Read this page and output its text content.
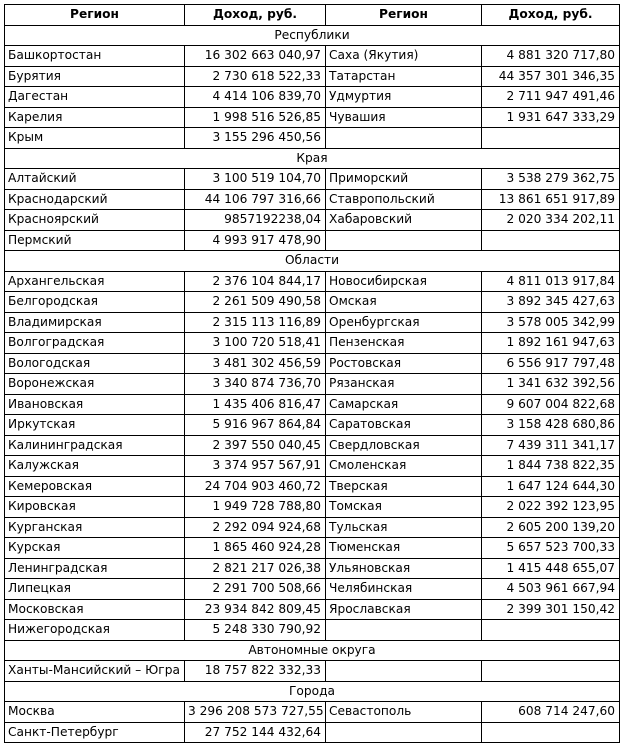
Регион	Доход, руб.	Регион	Доход, руб.
Республики			
Башкортостан	16 302 663 040,97	Саха (Якутия)	4 881 320 717,80
Бурятия	2 730 618 522,33	Татарстан	44 357 301 346,35
Дагестан	4 414 106 839,70	Удмуртия	2 711 947 491,46
Карелия	1 998 516 526,85	Чувашия	1 931 647 333,29
Крым	3 155 296 450,56		
Края			
Алтайский	3 100 519 104,70	Приморский	3 538 279 362,75
Краснодарский	44 106 797 316,66	Ставропольский	13 861 651 917,89
Красноярский	9857192238,04	Хабаровский	2 020 334 202,11
Пермский	4 993 917 478,90		
Области			
Архангельская	2 376 104 844,17	Новосибирская	4 811 013 917,84
Белгородская	2 261 509 490,58	Омская	3 892 345 427,63
Владимирская	2 315 113 116,89	Оренбургская	3 578 005 342,99
Волгоградская	3 100 720 518,41	Пензенская	1 892 161 947,63
Вологодская	3 481 302 456,59	Ростовская	6 556 917 797,48
Воронежская	3 340 874 736,70	Рязанская	1 341 632 392,56
Ивановская	1 435 406 816,47	Самарская	9 607 004 822,68
Иркутская	5 916 967 864,84	Саратовская	3 158 428 680,86
Калининградская	2 397 550 040,45	Свердловская	7 439 311 341,17
Калужская	3 374 957 567,91	Смоленская	1 844 738 822,35
Кемеровская	24 704 903 460,72	Тверская	1 647 124 644,30
Кировская	1 949 728 788,80	Томская	2 022 392 123,95
Курганская	2 292 094 924,68	Тульская	2 605 200 139,20
Курская	1 865 460 924,28	Тюменская	5 657 523 700,33
Ленинградская	2 821 217 026,38	Ульяновская	1 415 448 655,07
Липецкая	2 291 700 508,66	Челябинская	4 503 961 667,94
Московская	23 934 842 809,45	Ярославская	2 399 301 150,42
Нижегородская	5 248 330 790,92		
Автономные округа			
Ханты-Мансийский – Югра	18 757 822 332,33		
Города			
Москва	3 296 208 573 727,55	Севастополь	608 714 247,60
Санкт-Петербург	27 752 144 432,64		
